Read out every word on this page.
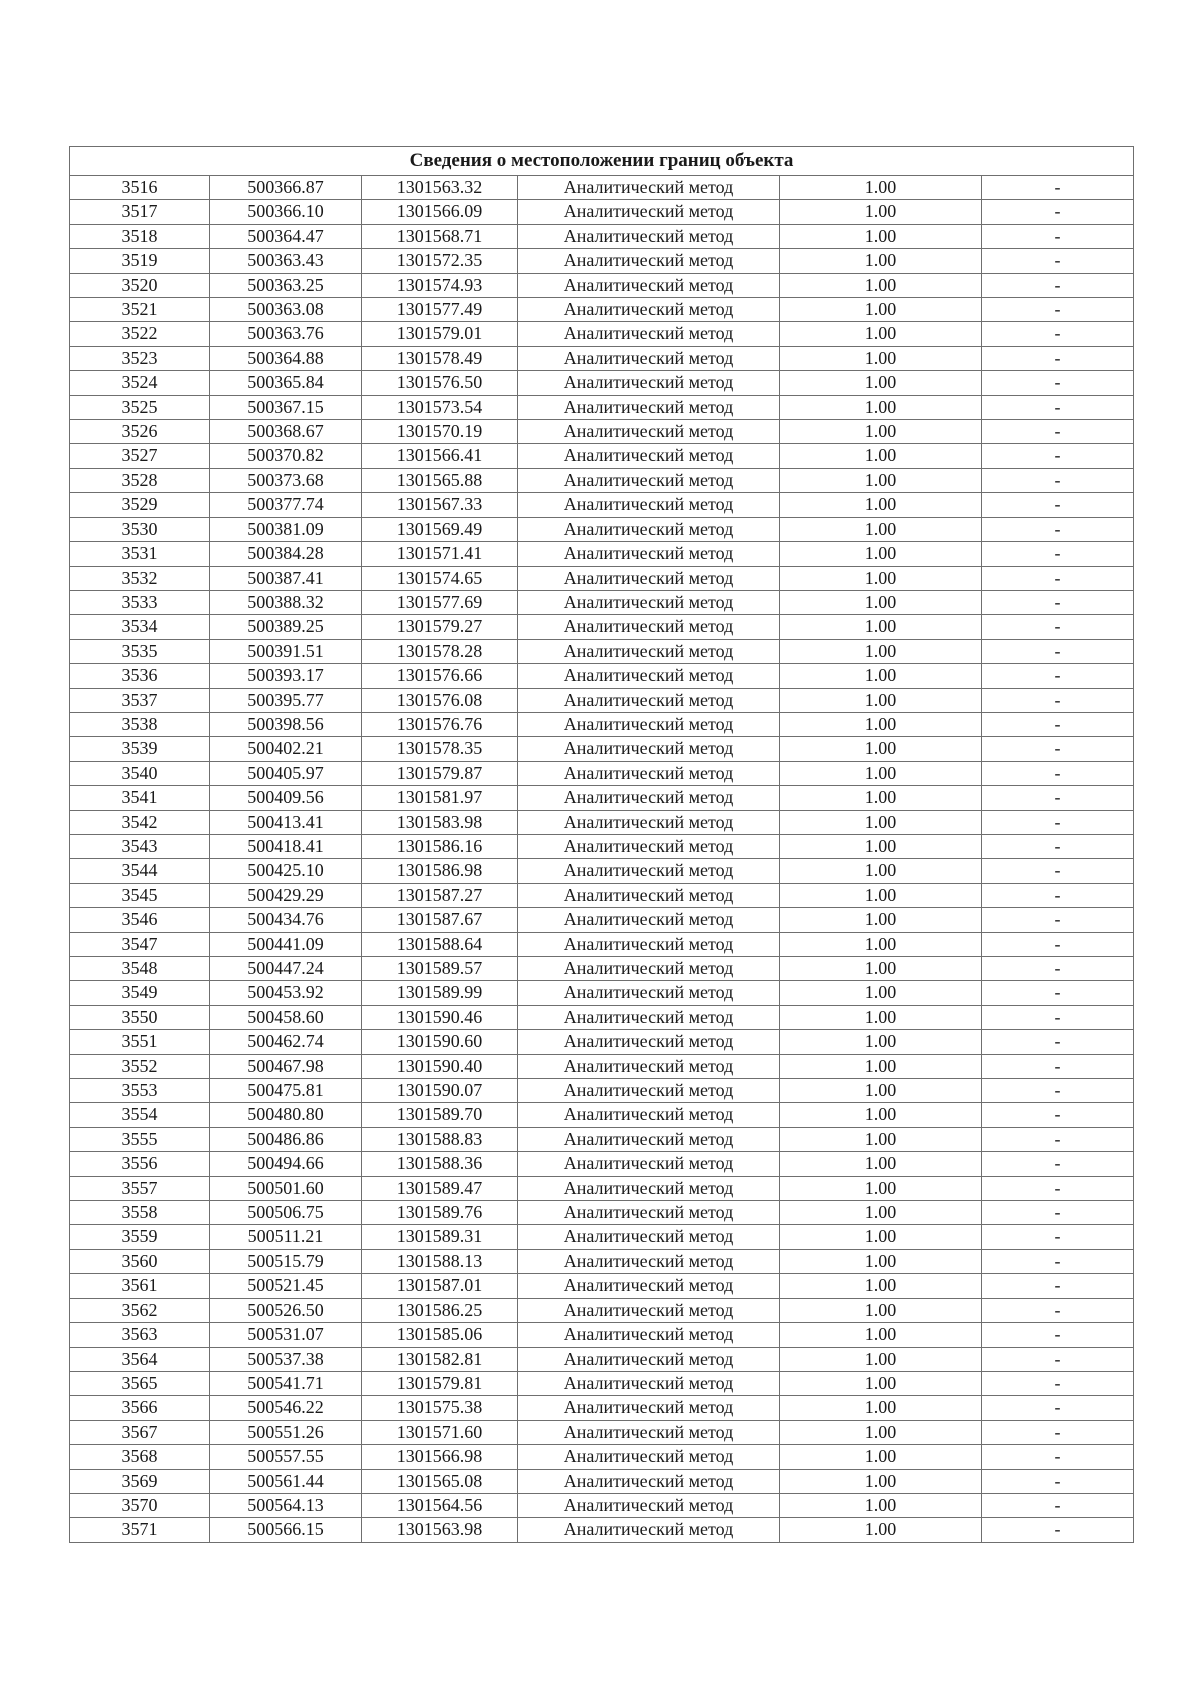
Сведения о местоположении границ объекта					
3516	500366.87	1301563.32	Аналитический метод	1.00	-
3517	500366.10	1301566.09	Аналитический метод	1.00	-
3518	500364.47	1301568.71	Аналитический метод	1.00	-
3519	500363.43	1301572.35	Аналитический метод	1.00	-
3520	500363.25	1301574.93	Аналитический метод	1.00	-
3521	500363.08	1301577.49	Аналитический метод	1.00	-
3522	500363.76	1301579.01	Аналитический метод	1.00	-
3523	500364.88	1301578.49	Аналитический метод	1.00	-
3524	500365.84	1301576.50	Аналитический метод	1.00	-
3525	500367.15	1301573.54	Аналитический метод	1.00	-
3526	500368.67	1301570.19	Аналитический метод	1.00	-
3527	500370.82	1301566.41	Аналитический метод	1.00	-
3528	500373.68	1301565.88	Аналитический метод	1.00	-
3529	500377.74	1301567.33	Аналитический метод	1.00	-
3530	500381.09	1301569.49	Аналитический метод	1.00	-
3531	500384.28	1301571.41	Аналитический метод	1.00	-
3532	500387.41	1301574.65	Аналитический метод	1.00	-
3533	500388.32	1301577.69	Аналитический метод	1.00	-
3534	500389.25	1301579.27	Аналитический метод	1.00	-
3535	500391.51	1301578.28	Аналитический метод	1.00	-
3536	500393.17	1301576.66	Аналитический метод	1.00	-
3537	500395.77	1301576.08	Аналитический метод	1.00	-
3538	500398.56	1301576.76	Аналитический метод	1.00	-
3539	500402.21	1301578.35	Аналитический метод	1.00	-
3540	500405.97	1301579.87	Аналитический метод	1.00	-
3541	500409.56	1301581.97	Аналитический метод	1.00	-
3542	500413.41	1301583.98	Аналитический метод	1.00	-
3543	500418.41	1301586.16	Аналитический метод	1.00	-
3544	500425.10	1301586.98	Аналитический метод	1.00	-
3545	500429.29	1301587.27	Аналитический метод	1.00	-
3546	500434.76	1301587.67	Аналитический метод	1.00	-
3547	500441.09	1301588.64	Аналитический метод	1.00	-
3548	500447.24	1301589.57	Аналитический метод	1.00	-
3549	500453.92	1301589.99	Аналитический метод	1.00	-
3550	500458.60	1301590.46	Аналитический метод	1.00	-
3551	500462.74	1301590.60	Аналитический метод	1.00	-
3552	500467.98	1301590.40	Аналитический метод	1.00	-
3553	500475.81	1301590.07	Аналитический метод	1.00	-
3554	500480.80	1301589.70	Аналитический метод	1.00	-
3555	500486.86	1301588.83	Аналитический метод	1.00	-
3556	500494.66	1301588.36	Аналитический метод	1.00	-
3557	500501.60	1301589.47	Аналитический метод	1.00	-
3558	500506.75	1301589.76	Аналитический метод	1.00	-
3559	500511.21	1301589.31	Аналитический метод	1.00	-
3560	500515.79	1301588.13	Аналитический метод	1.00	-
3561	500521.45	1301587.01	Аналитический метод	1.00	-
3562	500526.50	1301586.25	Аналитический метод	1.00	-
3563	500531.07	1301585.06	Аналитический метод	1.00	-
3564	500537.38	1301582.81	Аналитический метод	1.00	-
3565	500541.71	1301579.81	Аналитический метод	1.00	-
3566	500546.22	1301575.38	Аналитический метод	1.00	-
3567	500551.26	1301571.60	Аналитический метод	1.00	-
3568	500557.55	1301566.98	Аналитический метод	1.00	-
3569	500561.44	1301565.08	Аналитический метод	1.00	-
3570	500564.13	1301564.56	Аналитический метод	1.00	-
3571	500566.15	1301563.98	Аналитический метод	1.00	-
